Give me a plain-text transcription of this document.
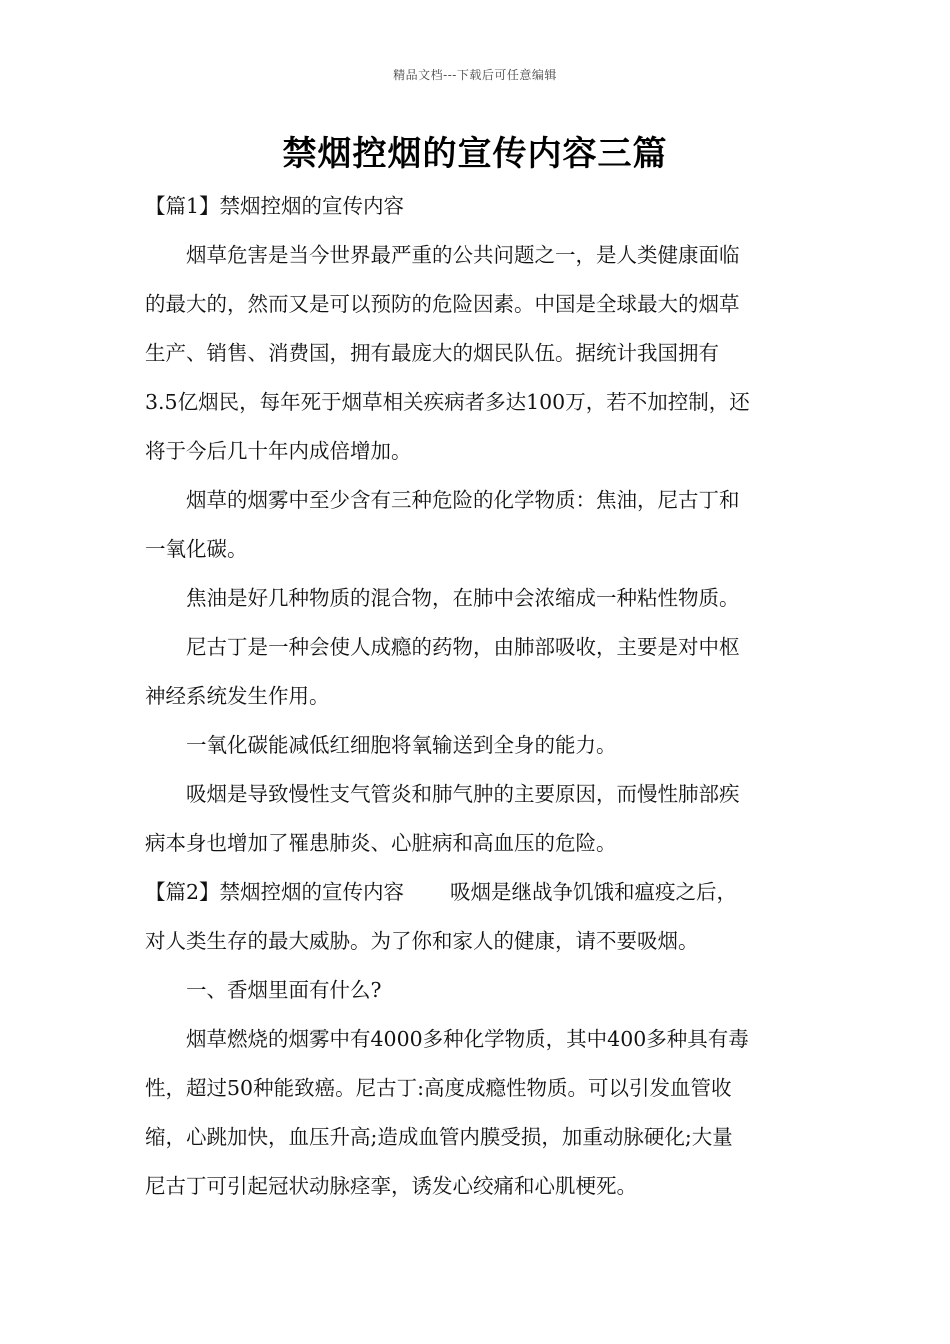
精品文档---下载后可任意编辑
禁烟控烟的宣传内容三篇

【篇1】禁烟控烟的宣传内容

烟草危害是当今世界最严重的公共问题之一，是人类健康面临
的最大的，然而又是可以预防的危险因素。中国是全球最大的烟草
生产、销售、消费国，拥有最庞大的烟民队伍。据统计我国拥有
3.5亿烟民，每年死于烟草相关疾病者多达100万，若不加控制，还
将于今后几十年内成倍增加。

烟草的烟雾中至少含有三种危险的化学物质：焦油，尼古丁和
一氧化碳。

焦油是好几种物质的混合物，在肺中会浓缩成一种粘性物质。

尼古丁是一种会使人成瘾的药物，由肺部吸收，主要是对中枢
神经系统发生作用。

一氧化碳能减低红细胞将氧输送到全身的能力。

吸烟是导致慢性支气管炎和肺气肿的主要原因，而慢性肺部疾
病本身也增加了罹患肺炎、心脏病和高血压的危险。

【篇2】禁烟控烟的宣传内容 吸烟是继战争饥饿和瘟疫之后，

对人类生存的最大威胁。为了你和家人的健康，请不要吸烟。

一、香烟里面有什么?

烟草燃烧的烟雾中有4000多种化学物质，其中400多种具有毒
性，超过50种能致癌。尼古丁:高度成瘾性物质。可以引发血管收
缩，心跳加快，血压升高;造成血管内膜受损，加重动脉硬化;大量
尼古丁可引起冠状动脉痉挛，诱发心绞痛和心肌梗死。
